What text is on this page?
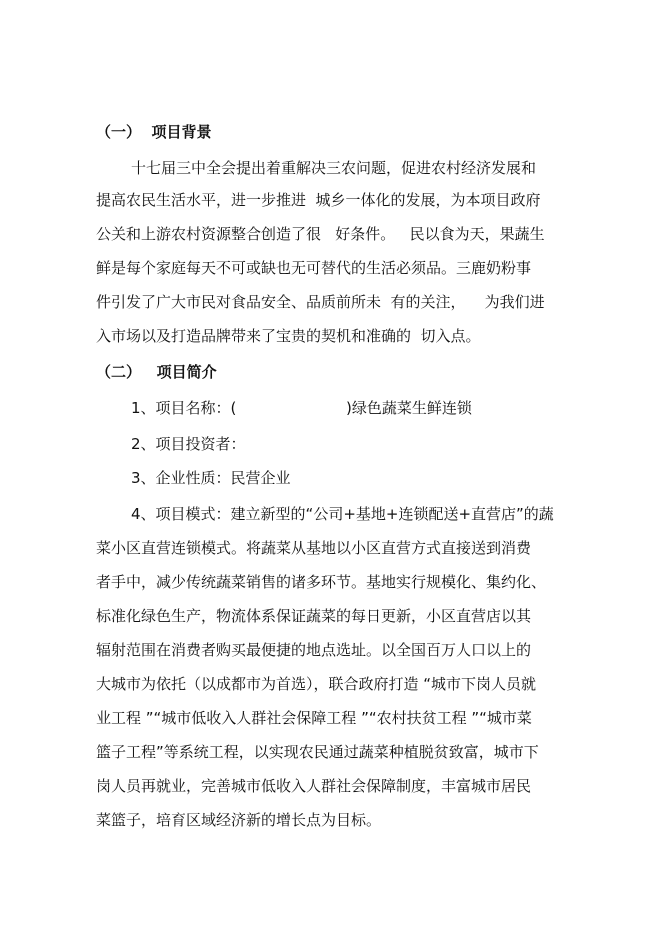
（一）  项目背景
十七届三中全会提出着重解决三农问题，促进农村经济发展和
提高农民生活水平，进一步推进  城乡一体化的发展，为本项目政府
公关和上游农村资源整合创造了很   好条件。   民以食为天，果蔬生
鲜是每个家庭每天不可或缺也无可替代的生活必须品。三鹿奶粉事
件引发了广大市民对食品安全、品质前所未  有的关注，    为我们进
入市场以及打造品牌带来了宝贵的契机和准确的  切入点。
（二）   项目简介
1、项目名称：(                       )绿色蔬菜生鲜连锁
2、项目投资者：
3、企业性质：民营企业
4、项目模式：建立新型的“公司+基地+连锁配送+直营店”的蔬
菜小区直营连锁模式。将蔬菜从基地以小区直营方式直接送到消费
者手中，减少传统蔬菜销售的诸多环节。基地实行规模化、集约化、
标准化绿色生产，物流体系保证蔬菜的每日更新，小区直营店以其
辐射范围在消费者购买最便捷的地点选址。以全国百万人口以上的
大城市为依托（以成都市为首选），联合政府打造 “城市下岗人员就
业工程 ”“城市低收入人群社会保障工程 ”“农村扶贫工程 ”“城市菜
篮子工程”等系统工程，以实现农民通过蔬菜种植脱贫致富，城市下
岗人员再就业，完善城市低收入人群社会保障制度，丰富城市居民
菜篮子，培育区域经济新的增长点为目标。
